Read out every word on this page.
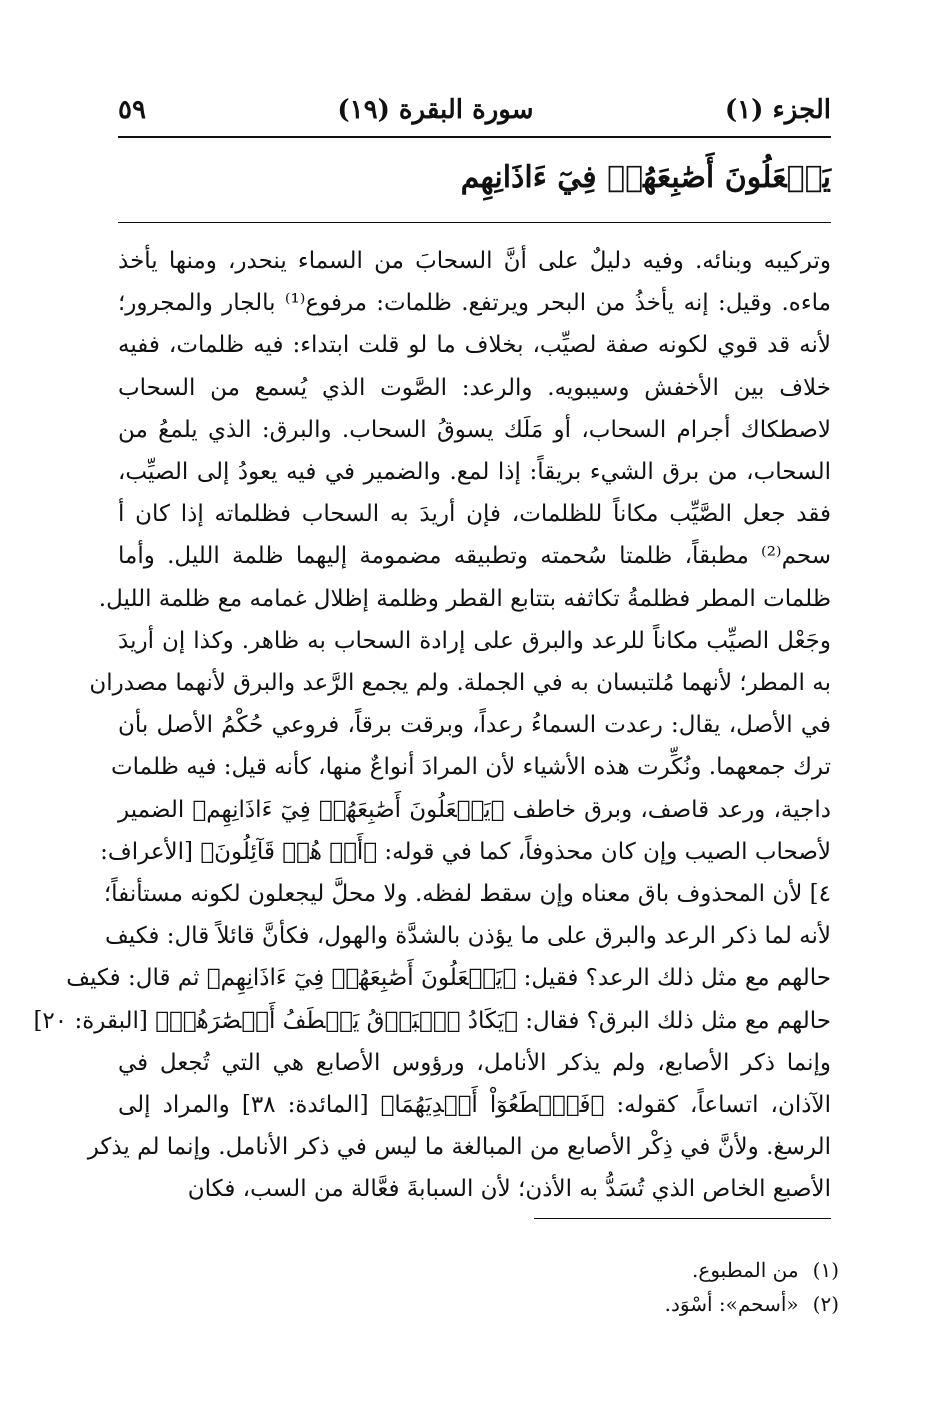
الجزء (١)
سورة البقرة (١٩)
٥٩
يَجۡعَلُونَ أَصَٰبِعَهُمۡ فِيٓ ءَاذَانِهِم
وتركيبه وبنائه. وفيه دليلٌ على أنَّ السحابَ من السماء ينحدر، ومنها يأخذ
ماءه. وقيل: إنه يأخذُ من البحر ويرتفع. ظلمات: مرفوع⁽¹⁾ بالجار والمجرور؛
لأنه قد قوي لكونه صفة لصيِّب، بخلاف ما لو قلت ابتداء: فيه ظلمات، ففيه
خلاف بين الأخفش وسيبويه. والرعد: الصَّوت الذي يُسمع من السحاب
لاصطكاك أجرام السحاب، أو مَلَك يسوقُ السحاب. والبرق: الذي يلمعُ من
السحاب، من برق الشيء بريقاً: إذا لمع. والضمير في فيه يعودُ إلى الصيِّب،
فقد جعل الصَّيِّب مكاناً للظلمات، فإن أريدَ به السحاب فظلماته إذا كان أ
سحم⁽²⁾ مطبقاً، ظلمتا سُحمته وتطبيقه مضمومة إليهما ظلمة الليل. وأما
ظلمات المطر فظلمةُ تكاثفه بتتابع القطر وظلمة إظلال غمامه مع ظلمة الليل.
وجَعْل الصيِّب مكاناً للرعد والبرق على إرادة السحاب به ظاهر. وكذا إن أريدَ
به المطر؛ لأنهما مُلتبسان به في الجملة. ولم يجمع الرَّعد والبرق لأنهما مصدران
في الأصل، يقال: رعدت السماءُ رعداً، وبرقت برقاً، فروعي حُكْمُ الأصل بأن
ترك جمعهما. ونُكِّرت هذه الأشياء لأن المرادَ أنواعٌ منها، كأنه قيل: فيه ظلمات
داجية، ورعد قاصف، وبرق خاطف ﴿يَجۡعَلُونَ أَصَٰبِعَهُمۡ فِيٓ ءَاذَانِهِم﴾ الضمير
لأصحاب الصيب وإن كان محذوفاً، كما في قوله: ﴿أَوۡ هُمۡ قَآئِلُونَ﴾ [الأعراف:
٤] لأن المحذوف باق معناه وإن سقط لفظه. ولا محلَّ ليجعلون لكونه مستأنفاً؛
لأنه لما ذكر الرعد والبرق على ما يؤذن بالشدَّة والهول، فكأنَّ قائلاً قال: فكيف
حالهم مع مثل ذلك الرعد؟ فقيل: ﴿يَجۡعَلُونَ أَصَٰبِعَهُمۡ فِيٓ ءَاذَانِهِم﴾ ثم قال: فكيف
حالهم مع مثل ذلك البرق؟ فقال: ﴿يَكَادُ ٱلۡبَرۡقُ يَخۡطَفُ أَبۡصَٰرَهُمۡ﴾ [البقرة: ٢٠]
وإنما ذكر الأصابع، ولم يذكر الأنامل، ورؤوس الأصابع هي التي تُجعل في
الآذان، اتساعاً، كقوله: ﴿فَٱقۡطَعُوٓاْ أَيۡدِيَهُمَا﴾ [المائدة: ٣٨] والمراد إلى
الرسغ. ولأنَّ في ذِكْر الأصابع من المبالغة ما ليس في ذكر الأنامل. وإنما لم يذكر
الأصبع الخاص الذي تُسَدُّ به الأذن؛ لأن السبابةَ فعَّالة من السب، فكان
(١)من المطبوع.
(٢)«أسحم»: أسْوَد.
